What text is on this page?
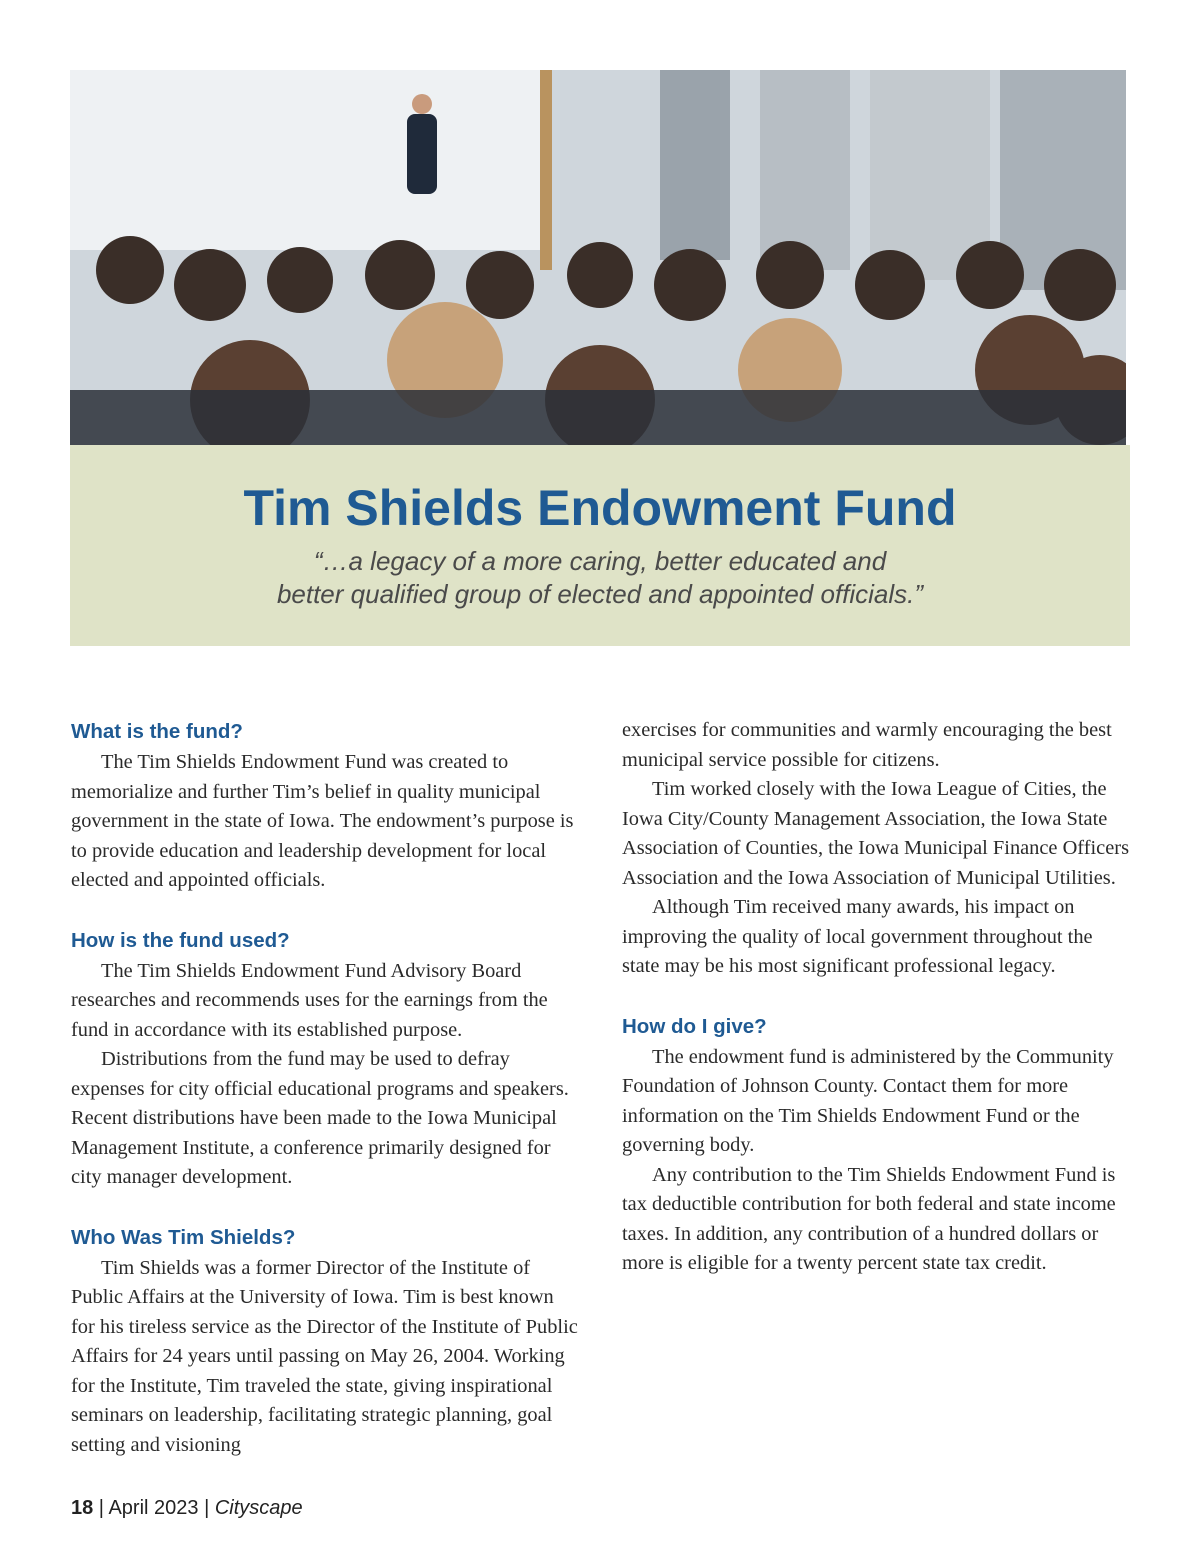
Tim Shields Endowment Fund
“…a legacy of a more caring, better educated and
better qualified group of elected and appointed officials.”
What is the fund?

The Tim Shields Endowment Fund was created to memorialize and further Tim’s belief in quality municipal government in the state of Iowa. The endowment’s purpose is to provide education and leadership development for local elected and appointed officials.

How is the fund used?

The Tim Shields Endowment Fund Advisory Board researches and recommends uses for the earnings from the fund in accordance with its established purpose.

Distributions from the fund may be used to defray expenses for city official educational programs and speakers. Recent distributions have been made to the Iowa Municipal Management Institute, a conference primarily designed for city manager development.

Who Was Tim Shields?

Tim Shields was a former Director of the Institute of Public Affairs at the University of Iowa. Tim is best known for his tireless service as the Director of the Institute of Public Affairs for 24 years until passing on May 26, 2004. Working for the Institute, Tim traveled the state, giving inspirational seminars on leadership, facilitating strategic planning, goal setting and visioning

exercises for communities and warmly encouraging the best municipal service possible for citizens.

Tim worked closely with the Iowa League of Cities, the Iowa City/County Management Association, the Iowa State Association of Counties, the Iowa Municipal Finance Officers Association and the Iowa Association of Municipal Utilities.

Although Tim received many awards, his impact on improving the quality of local government throughout the state may be his most significant professional legacy.

How do I give?

The endowment fund is administered by the Community Foundation of Johnson County. Contact them for more information on the Tim Shields Endowment Fund or the governing body.

Any contribution to the Tim Shields Endowment Fund is tax deductible contribution for both federal and state income taxes. In addition, any contribution of a hundred dollars or more is eligible for a twenty percent state tax credit.

18 | April 2023 | Cityscape
